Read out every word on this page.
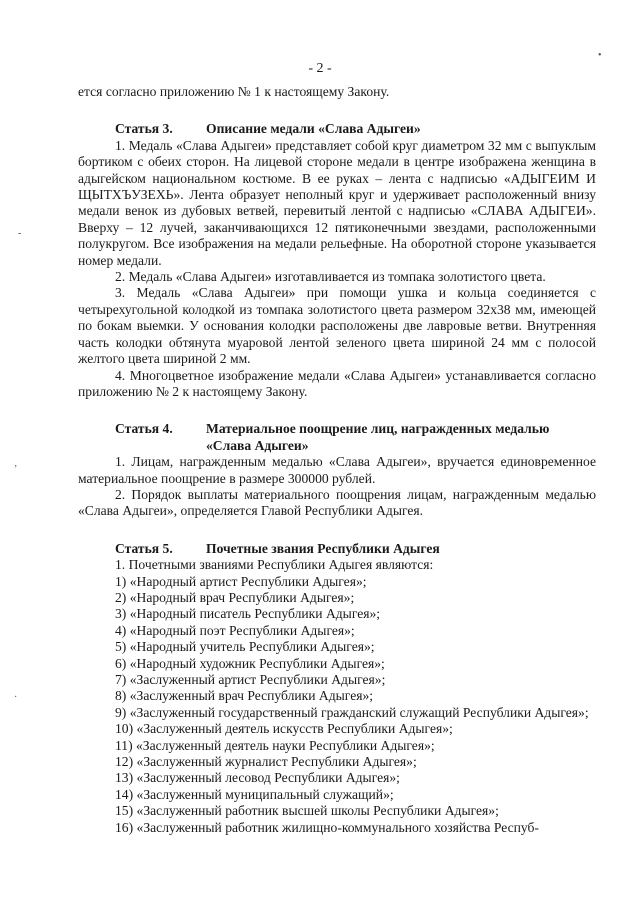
- 2 -
•
-
‚
·

ется согласно приложению № 1 к настоящему Закону.

Статья 3. Описание медали «Слава Адыгеи»

1. Медаль «Слава Адыгеи» представляет собой круг диаметром 32 мм с выпуклым бортиком с обеих сторон. На лицевой стороне медали в центре изображена женщина в адыгейском национальном костюме. В ее руках – лента с надписью «АДЫГЕИМ И ЩЫТХЪУЗЕХЬ». Лента образует неполный круг и удерживает расположенный внизу медали венок из дубовых ветвей, перевитый лентой с надписью «СЛАВА АДЫГЕИ». Вверху – 12 лучей, заканчивающихся 12 пятиконечными звездами, расположенными полукругом. Все изображения на медали рельефные. На оборотной стороне указывается номер медали.

2. Медаль «Слава Адыгеи» изготавливается из томпака золотистого цвета.

3. Медаль «Слава Адыгеи» при помощи ушка и кольца соединяется с четырехугольной колодкой из томпака золотистого цвета размером 32х38 мм, имеющей по бокам выемки. У основания колодки расположены две лавровые ветви. Внутренняя часть колодки обтянута муаровой лентой зеленого цвета шириной 24 мм с полосой желтого цвета шириной 2 мм.

4. Многоцветное изображение медали «Слава Адыгеи» устанавливается согласно приложению № 2 к настоящему Закону.

Статья 4. Материальное поощрение лиц, награжденных медалью

«Слава Адыгеи»

1. Лицам, награжденным медалью «Слава Адыгеи», вручается единовременное материальное поощрение в размере 300000 рублей.

2. Порядок выплаты материального поощрения лицам, награжденным медалью «Слава Адыгеи», определяется Главой Республики Адыгея.

Статья 5. Почетные звания Республики Адыгея

1. Почетными званиями Республики Адыгея являются:

1) «Народный артист Республики Адыгея»;
2) «Народный врач Республики Адыгея»;
3) «Народный писатель Республики Адыгея»;
4) «Народный поэт Республики Адыгея»;
5) «Народный учитель Республики Адыгея»;
6) «Народный художник Республики Адыгея»;
7) «Заслуженный артист Республики Адыгея»;
8) «Заслуженный врач Республики Адыгея»;
9) «Заслуженный государственный гражданский служащий Республики Адыгея»;
10) «Заслуженный деятель искусств Республики Адыгея»;
11) «Заслуженный деятель науки Республики Адыгея»;
12) «Заслуженный журналист Республики Адыгея»;
13) «Заслуженный лесовод Республики Адыгея»;
14) «Заслуженный муниципальный служащий»;
15) «Заслуженный работник высшей школы Республики Адыгея»;
16) «Заслуженный работник жилищно-коммунального хозяйства Респуб-
